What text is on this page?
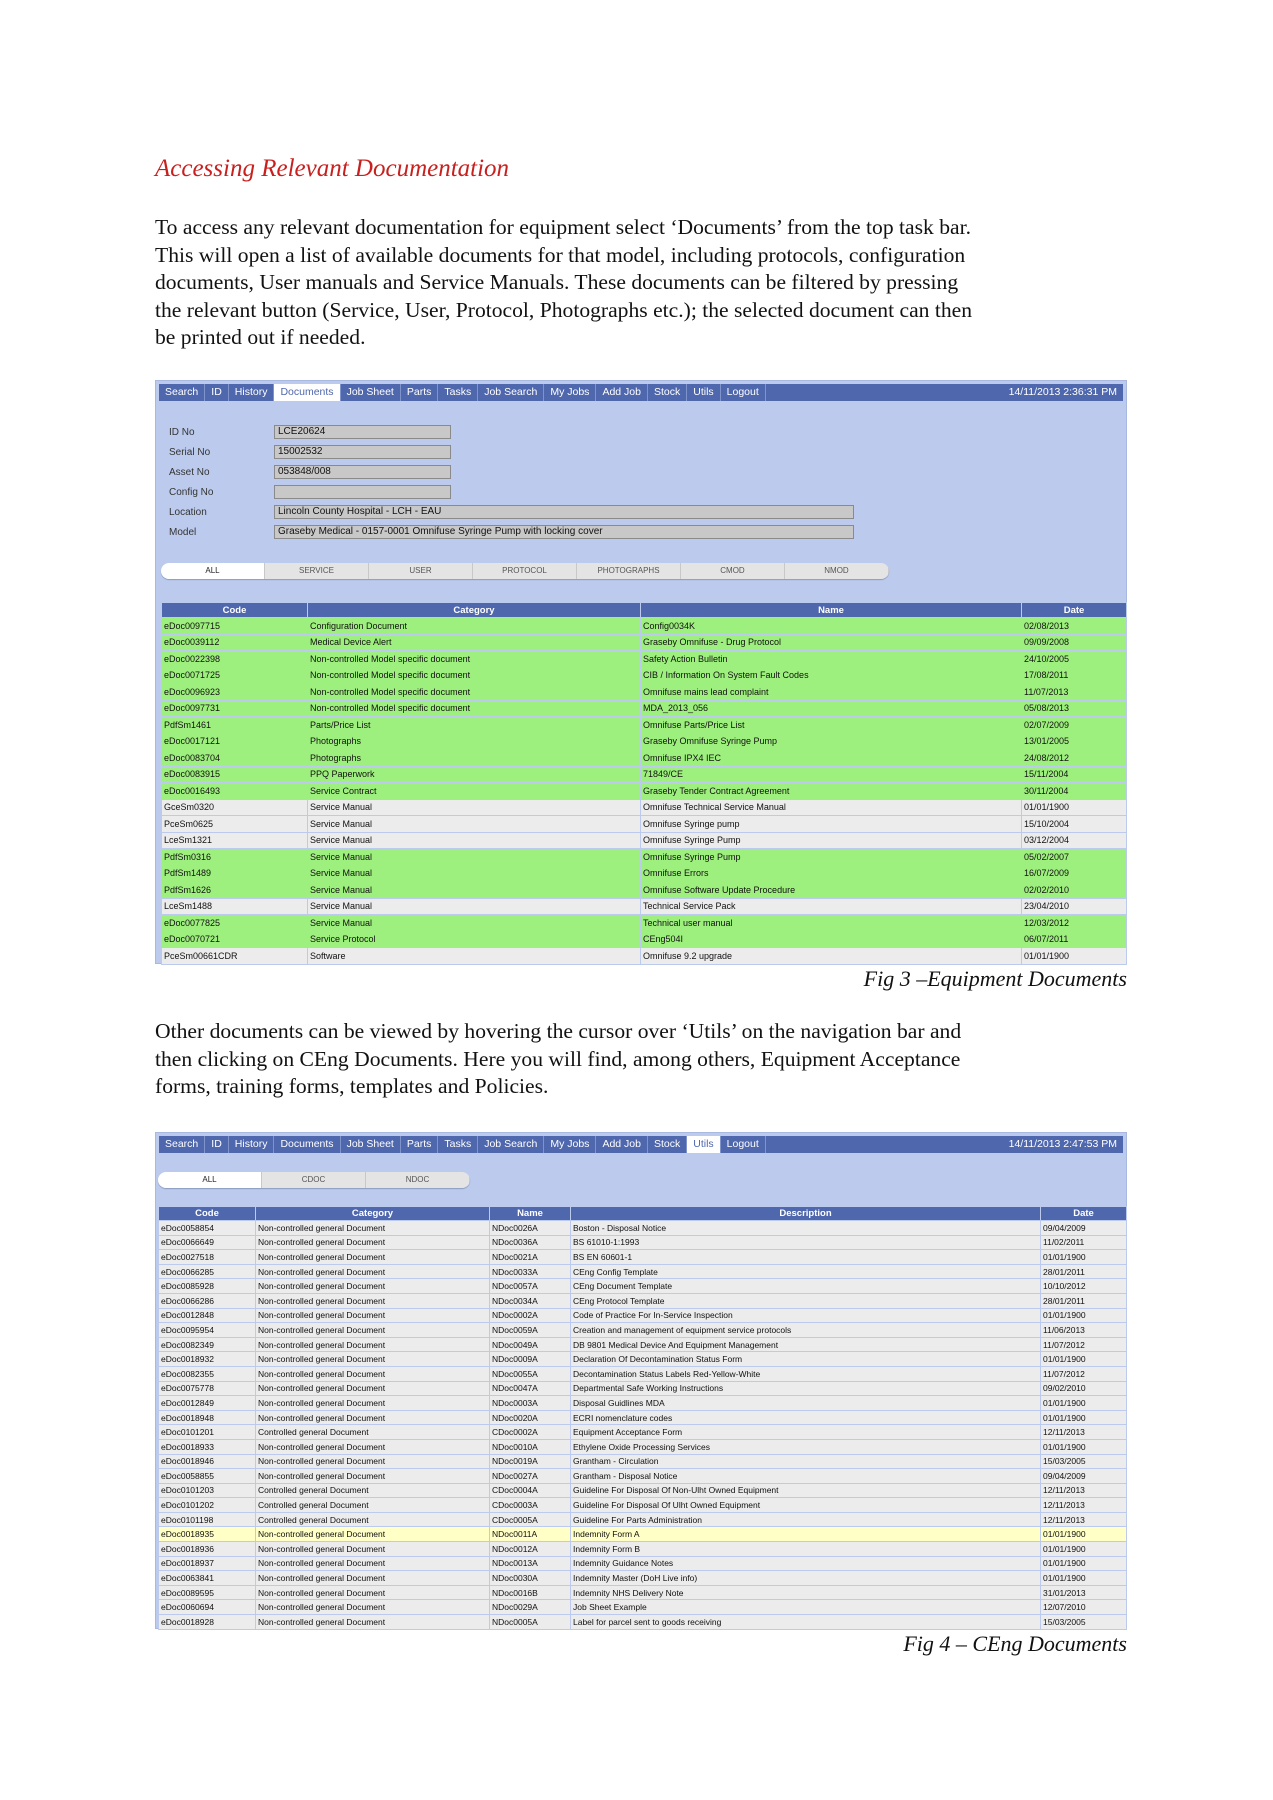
Accessing Relevant Documentation
To access any relevant documentation for equipment select ‘Documents’ from the top task bar.
This will open a list of available documents for that model, including protocols, configuration
documents, User manuals and Service Manuals. These documents can be filtered by pressing
the relevant button (Service, User, Protocol, Photographs etc.); the selected document can then
be printed out if needed.
Search	ID	History	Documents	Job Sheet	Parts	Tasks	Job Search	My Jobs	Add Job	Stock	Utils	Logout	14/11/2013 2:36:31 PM
ID No	LCE20624
Serial No	15002532
Asset No	053848/008
Config No
Location	Lincoln County Hospital - LCH - EAU
Model	Graseby Medical - 0157-0001 Omnifuse Syringe Pump with locking cover
ALL	SERVICE	USER	PROTOCOL	PHOTOGRAPHS	CMOD	NMOD
Code	Category	Name	Date
eDoc0097715	Configuration Document	Config0034K	02/08/2013
eDoc0039112	Medical Device Alert	Graseby Omnifuse - Drug Protocol	09/09/2008
eDoc0022398	Non-controlled Model specific document	Safety Action Bulletin	24/10/2005
eDoc0071725	Non-controlled Model specific document	CIB / Information On System Fault Codes	17/08/2011
eDoc0096923	Non-controlled Model specific document	Omnifuse mains lead complaint	11/07/2013
eDoc0097731	Non-controlled Model specific document	MDA_2013_056	05/08/2013
PdfSm1461	Parts/Price List	Omnifuse Parts/Price List	02/07/2009
eDoc0017121	Photographs	Graseby Omnifuse Syringe Pump	13/01/2005
eDoc0083704	Photographs	Omnifuse IPX4 IEC	24/08/2012
eDoc0083915	PPQ Paperwork	71849/CE	15/11/2004
eDoc0016493	Service Contract	Graseby Tender Contract Agreement	30/11/2004
GceSm0320	Service Manual	Omnifuse Technical Service Manual	01/01/1900
PceSm0625	Service Manual	Omnifuse Syringe pump	15/10/2004
LceSm1321	Service Manual	Omnifuse Syringe Pump	03/12/2004
PdfSm0316	Service Manual	Omnifuse Syringe Pump	05/02/2007
PdfSm1489	Service Manual	Omnifuse Errors	16/07/2009
PdfSm1626	Service Manual	Omnifuse Software Update Procedure	02/02/2010
LceSm1488	Service Manual	Technical Service Pack	23/04/2010
eDoc0077825	Service Manual	Technical user manual	12/03/2012
eDoc0070721	Service Protocol	CEng504I	06/07/2011
PceSm00661CDR	Software	Omnifuse 9.2 upgrade	01/01/1900
Fig 3 –Equipment Documents
Other documents can be viewed by hovering the cursor over ‘Utils’ on the navigation bar and
then clicking on CEng Documents. Here you will find, among others, Equipment Acceptance
forms, training forms, templates and Policies.
Search	ID	History	Documents	Job Sheet	Parts	Tasks	Job Search	My Jobs	Add Job	Stock	Utils	Logout	14/11/2013 2:47:53 PM
ALL	CDOC	NDOC
Code	Category	Name	Description	Date
eDoc0058854	Non-controlled general Document	NDoc0026A	Boston - Disposal Notice	09/04/2009
eDoc0066649	Non-controlled general Document	NDoc0036A	BS 61010-1:1993	11/02/2011
eDoc0027518	Non-controlled general Document	NDoc0021A	BS EN 60601-1	01/01/1900
eDoc0066285	Non-controlled general Document	NDoc0033A	CEng Config Template	28/01/2011
eDoc0085928	Non-controlled general Document	NDoc0057A	CEng Document Template	10/10/2012
eDoc0066286	Non-controlled general Document	NDoc0034A	CEng Protocol Template	28/01/2011
eDoc0012848	Non-controlled general Document	NDoc0002A	Code of Practice For In-Service Inspection	01/01/1900
eDoc0095954	Non-controlled general Document	NDoc0059A	Creation and management of equipment service protocols	11/06/2013
eDoc0082349	Non-controlled general Document	NDoc0049A	DB 9801 Medical Device And Equipment Management	11/07/2012
eDoc0018932	Non-controlled general Document	NDoc0009A	Declaration Of Decontamination Status Form	01/01/1900
eDoc0082355	Non-controlled general Document	NDoc0055A	Decontamination Status Labels Red-Yellow-White	11/07/2012
eDoc0075778	Non-controlled general Document	NDoc0047A	Departmental Safe Working Instructions	09/02/2010
eDoc0012849	Non-controlled general Document	NDoc0003A	Disposal Guidlines MDA	01/01/1900
eDoc0018948	Non-controlled general Document	NDoc0020A	ECRI nomenclature codes	01/01/1900
eDoc0101201	Controlled general Document	CDoc0002A	Equipment Acceptance Form	12/11/2013
eDoc0018933	Non-controlled general Document	NDoc0010A	Ethylene Oxide Processing Services	01/01/1900
eDoc0018946	Non-controlled general Document	NDoc0019A	Grantham - Circulation	15/03/2005
eDoc0058855	Non-controlled general Document	NDoc0027A	Grantham - Disposal Notice	09/04/2009
eDoc0101203	Controlled general Document	CDoc0004A	Guideline For Disposal Of Non-Ulht Owned Equipment	12/11/2013
eDoc0101202	Controlled general Document	CDoc0003A	Guideline For Disposal Of Ulht Owned Equipment	12/11/2013
eDoc0101198	Controlled general Document	CDoc0005A	Guideline For Parts Administration	12/11/2013
eDoc0018935	Non-controlled general Document	NDoc0011A	Indemnity Form A	01/01/1900
eDoc0018936	Non-controlled general Document	NDoc0012A	Indemnity Form B	01/01/1900
eDoc0018937	Non-controlled general Document	NDoc0013A	Indemnity Guidance Notes	01/01/1900
eDoc0063841	Non-controlled general Document	NDoc0030A	Indemnity Master (DoH Live info)	01/01/1900
eDoc0089595	Non-controlled general Document	NDoc0016B	Indemnity NHS Delivery Note	31/01/2013
eDoc0060694	Non-controlled general Document	NDoc0029A	Job Sheet Example	12/07/2010
eDoc0018928	Non-controlled general Document	NDoc0005A	Label for parcel sent to goods receiving	15/03/2005
Fig 4 – CEng Documents
